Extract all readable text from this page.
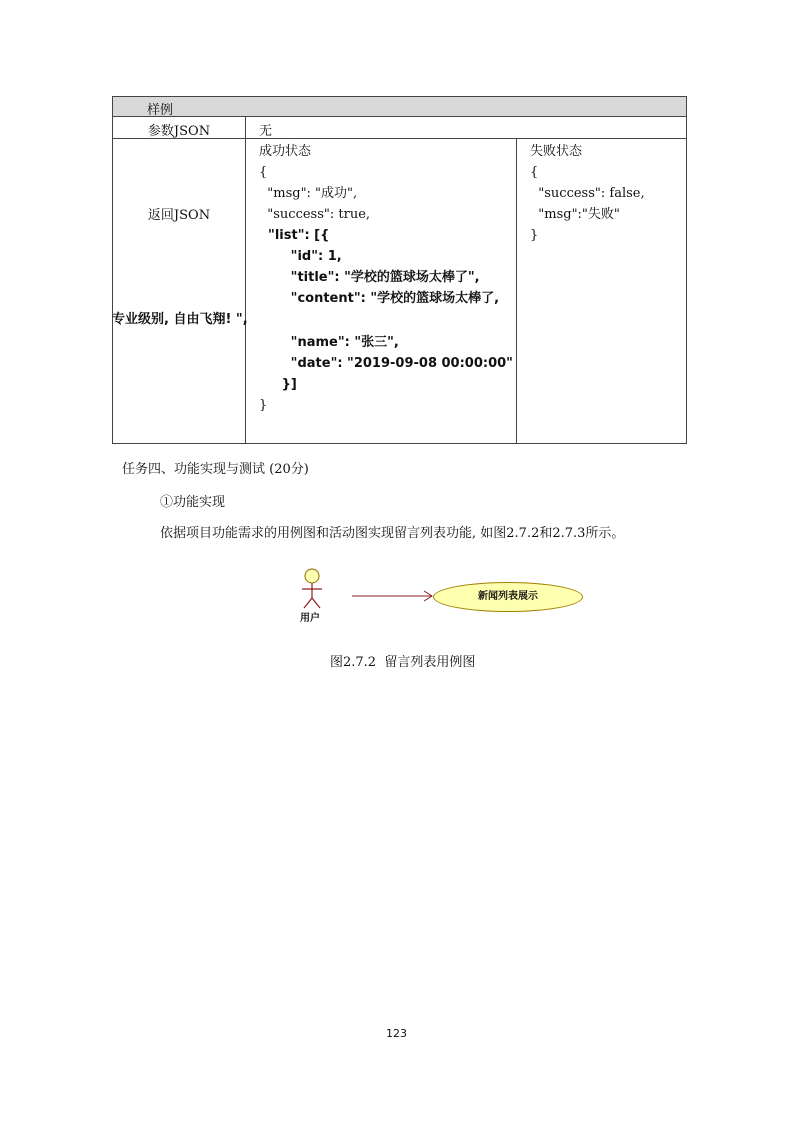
样例
参数JSON	无
返回JSON
成功状态
{
"msg": "成功",
"success": true,
"list": [{
"id": 1,
"title": "学校的篮球场太棒了",
"content": "学校的篮球场太棒了,
专业级别, 自由飞翔! ",
"name": "张三",
"date": "2019-09-08 00:00:00"
}]
}
失败状态
{
"success": false,
"msg":"失败"
}
任务四、功能实现与测试 (20分)
①功能实现
依据项目功能需求的用例图和活动图实现留言列表功能, 如图2.7.2和2.7.3所示。
用户
新闻列表展示
图2.7.2  留言列表用例图
123
